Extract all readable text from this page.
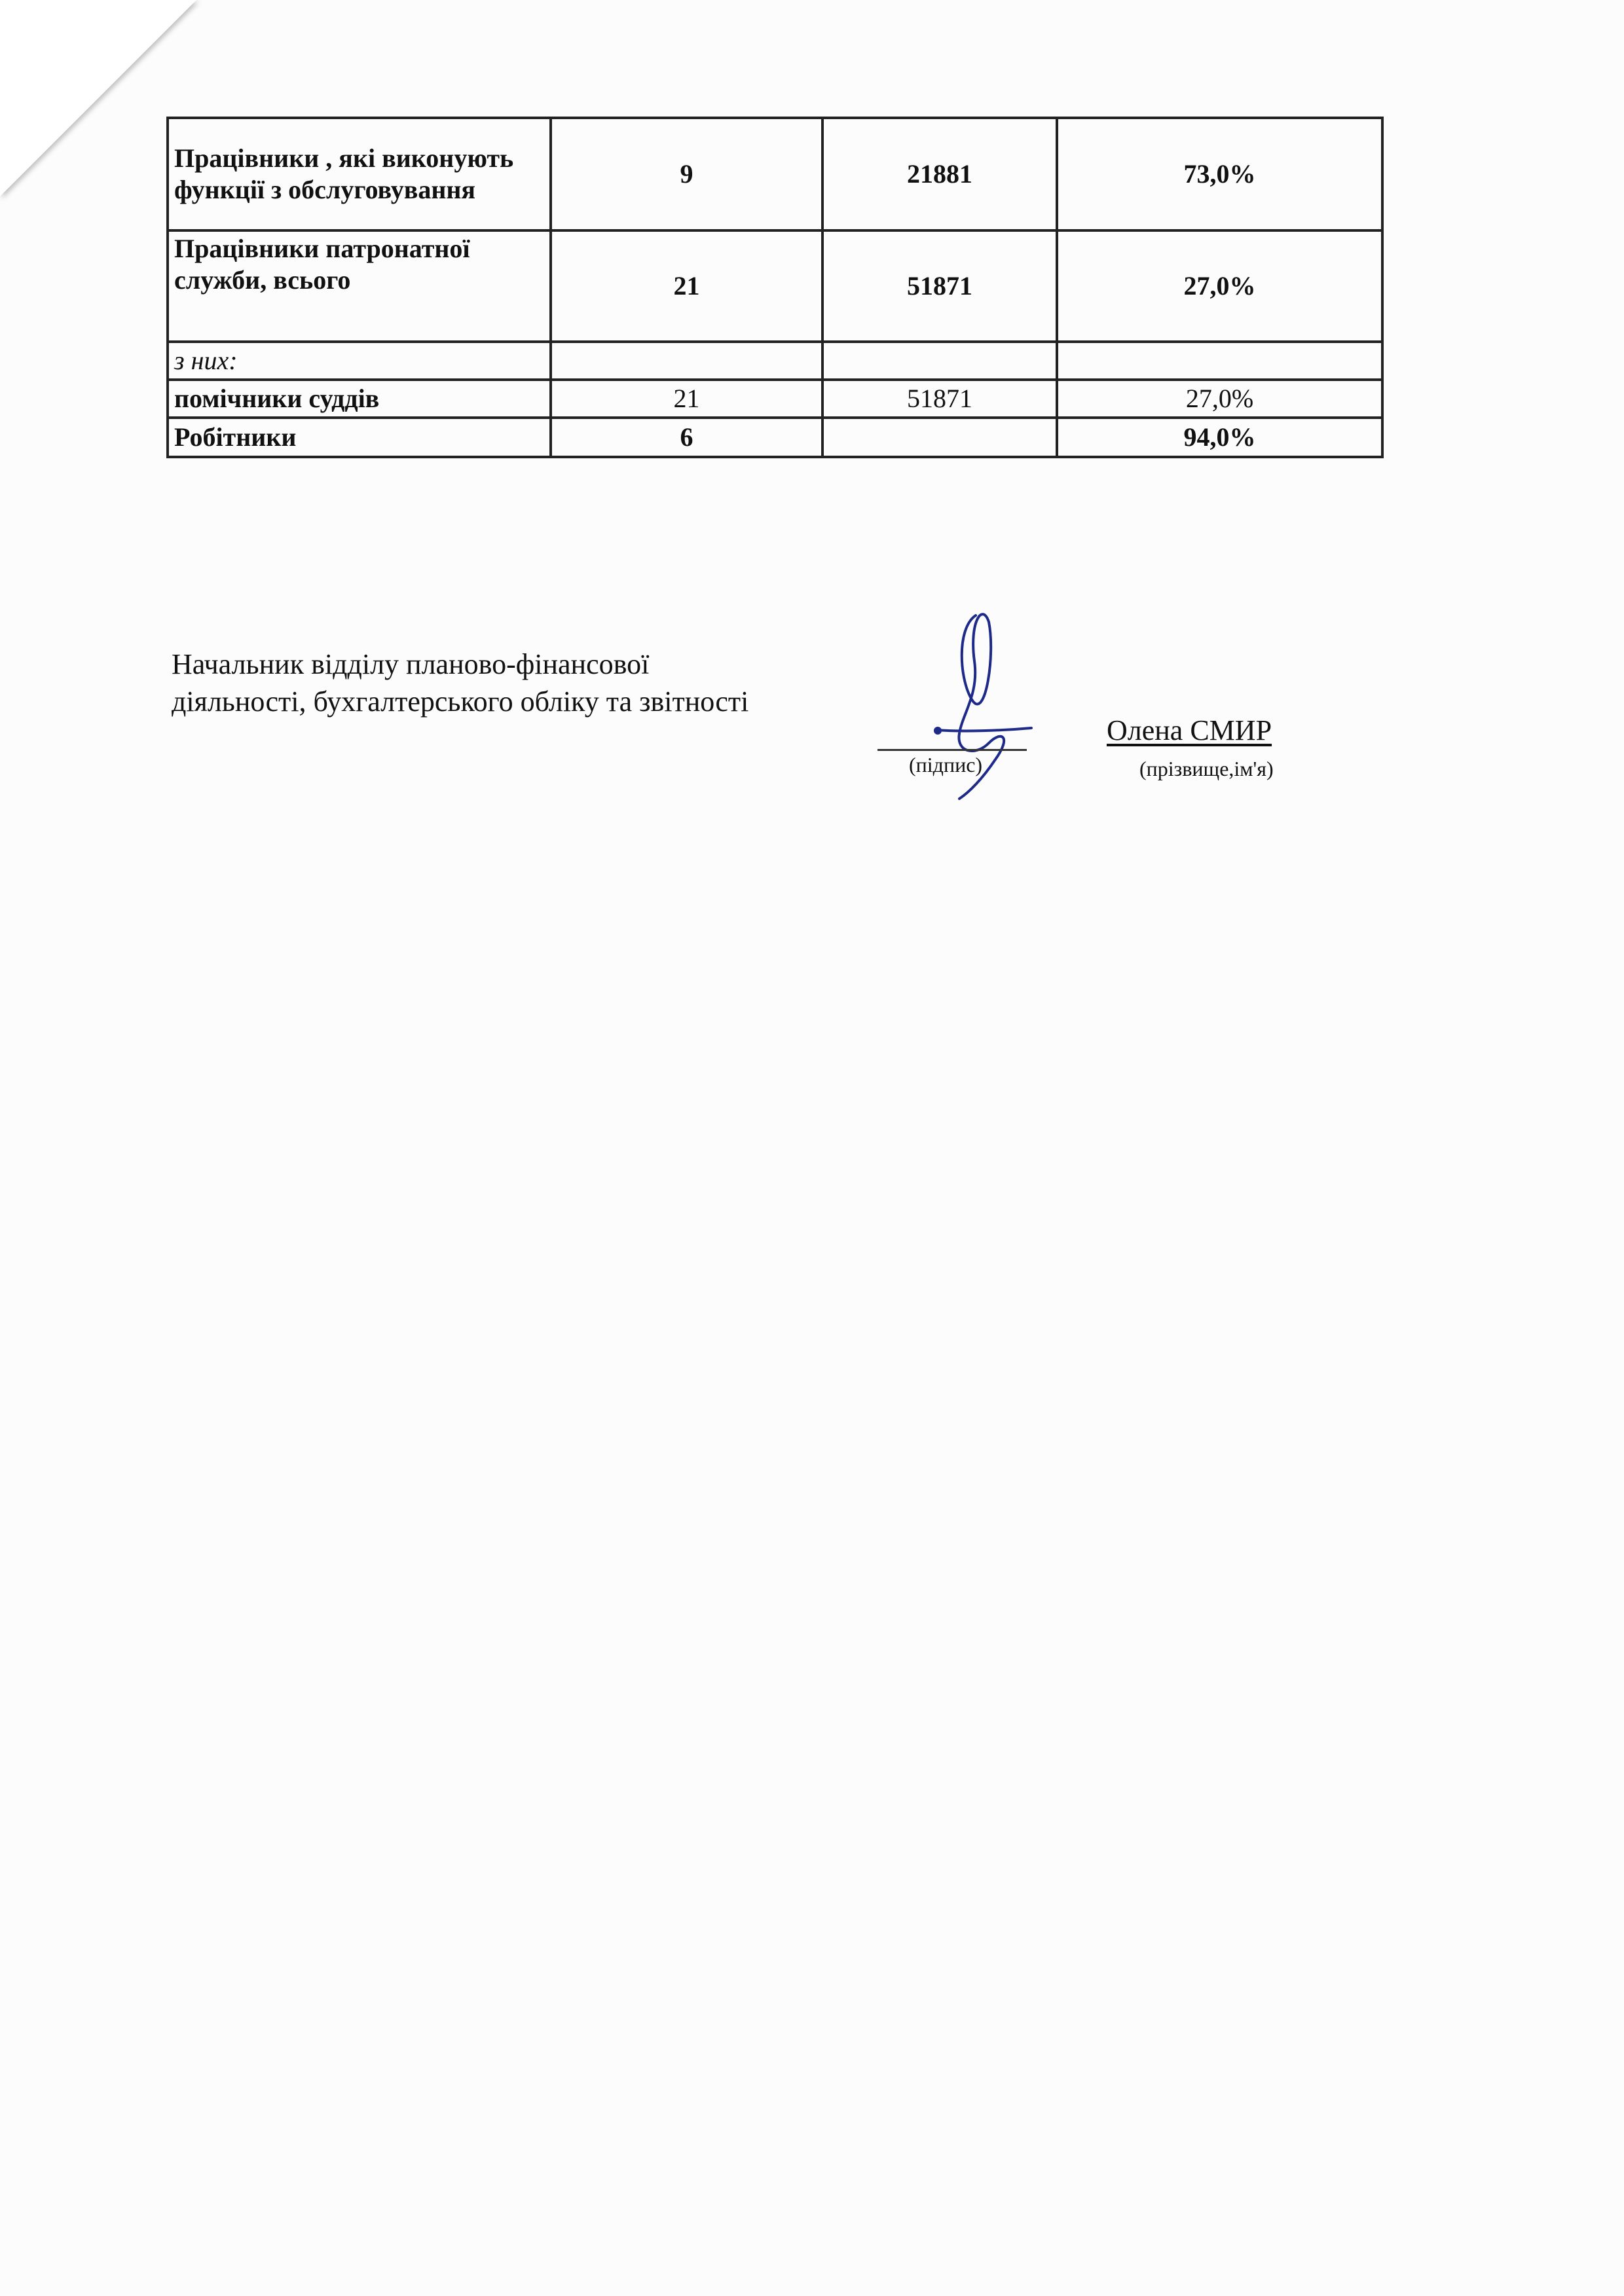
Працівники , які виконують функції з обслуговування	9	21881	73,0%
Працівники патронатної служби, всього	21	51871	27,0%
з них:			
помічники суддів	21	51871	27,0%
Робітники	6		94,0%

Начальник відділу планово-фінансової діяльності, бухгалтерського обліку та звітності

(підпис)
Олена СМИР
(прізвище,ім'я)
